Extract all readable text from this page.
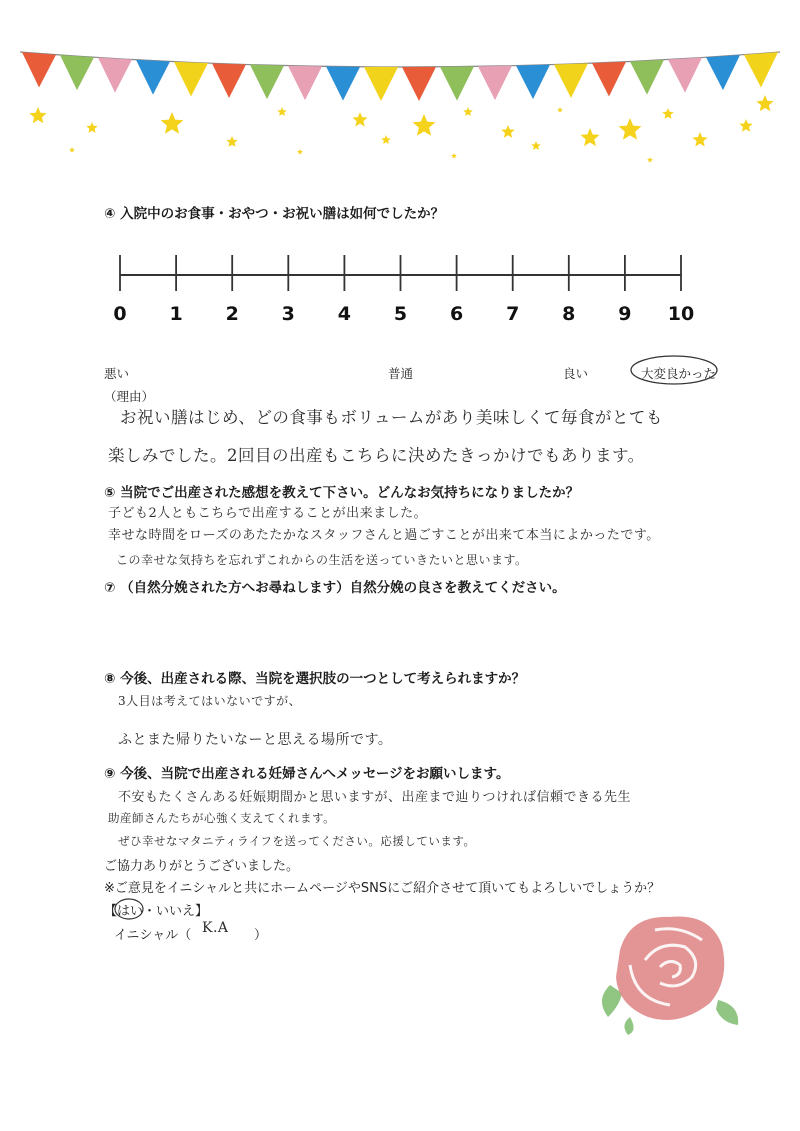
④ 入院中のお食事・おやつ・お祝い膳は如何でしたか？
0	1	2	3	4	5	6	7	8	9	10
悪い	普通	良い	大変良かった
（理由）
お祝い膳はじめ、どの食事もボリュームがあり美味しくて毎食がとても
楽しみでした。2回目の出産もこちらに決めたきっかけでもあります。
⑤ 当院でご出産された感想を教えて下さい。どんなお気持ちになりましたか？
子ども2人ともこちらで出産することが出来ました。
幸せな時間をローズのあたたかなスタッフさんと過ごすことが出来て本当によかったです。
この幸せな気持ちを忘れずこれからの生活を送っていきたいと思います。
⑦ （自然分娩された方へお尋ねします）自然分娩の良さを教えてください。
⑧ 今後、出産される際、当院を選択肢の一つとして考えられますか？
3人目は考えてはいないですが、
ふとまた帰りたいなーと思える場所です。
⑨ 今後、当院で出産される妊婦さんへメッセージをお願いします。
不安もたくさんある妊娠期間かと思いますが、出産まで辿りつければ信頼できる先生
助産師さんたちが心強く支えてくれます。
ぜひ幸せなマタニティライフを送ってください。応援しています。
ご協力ありがとうございました。
※ご意見をイニシャルと共にホームページやSNSにご紹介させて頂いてもよろしいでしょうか？
【はい・いいえ】
イニシャル（ K.A ）
